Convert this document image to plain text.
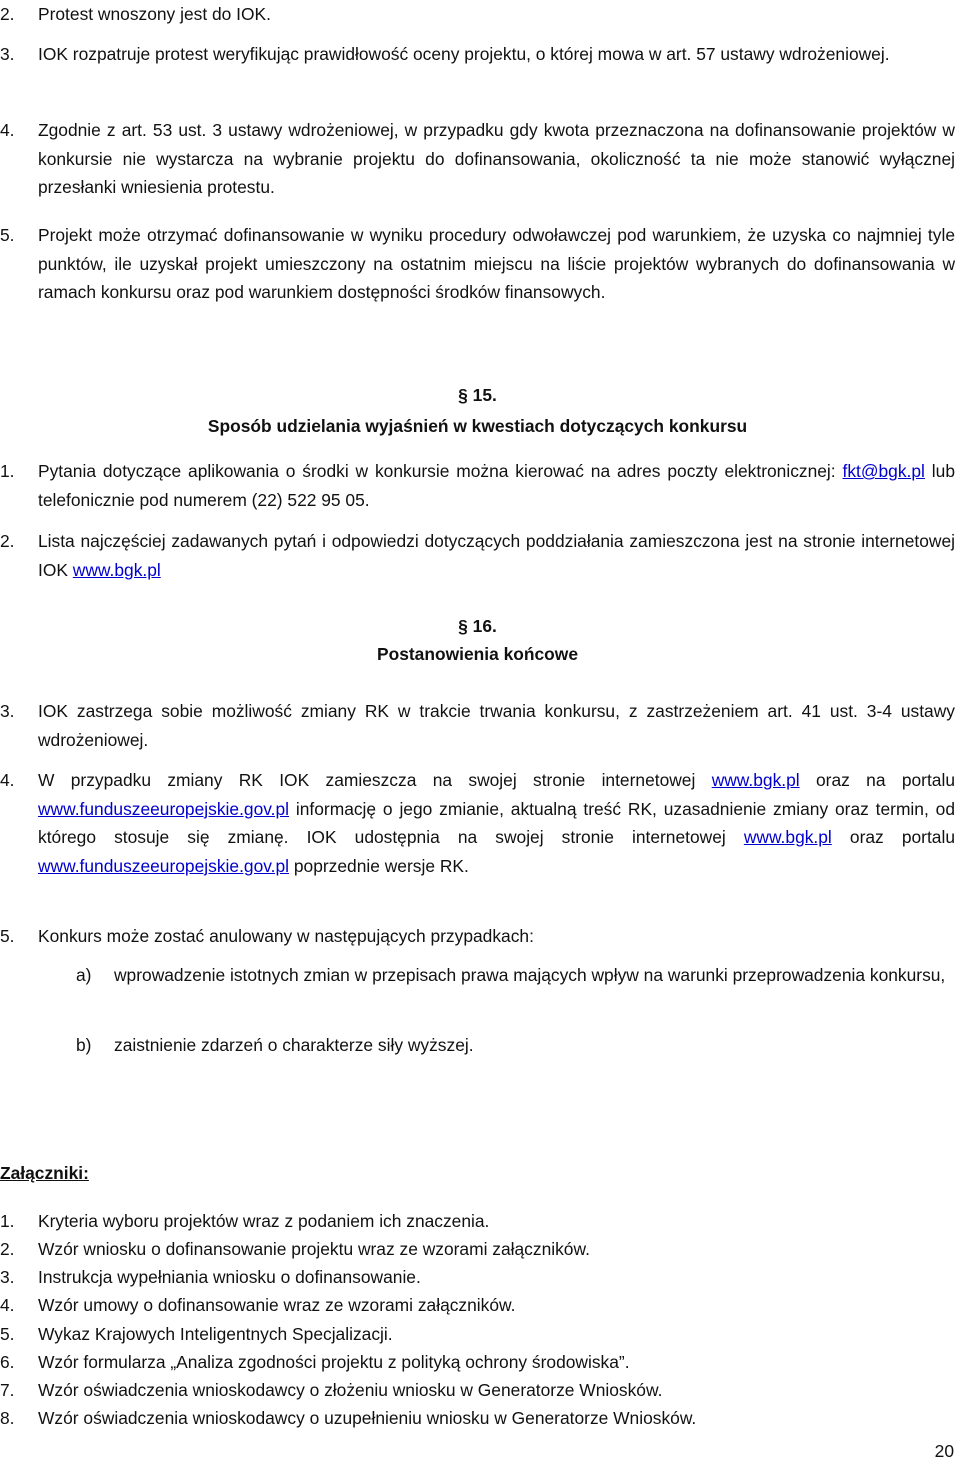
2.	Protest wnoszony jest do IOK.
3.	IOK rozpatruje protest weryfikując prawidłowość oceny projektu, o której mowa w art. 57 ustawy wdrożeniowej.
4.	Zgodnie z art. 53 ust. 3 ustawy wdrożeniowej, w przypadku gdy kwota przeznaczona na dofinansowanie projektów w konkursie nie wystarcza na wybranie projektu do dofinansowania, okoliczność ta nie może stanowić wyłącznej przesłanki wniesienia protestu.
5.	Projekt może otrzymać dofinansowanie w wyniku procedury odwoławczej pod warunkiem, że uzyska co najmniej tyle punktów, ile uzyskał projekt umieszczony na ostatnim miejscu na liście projektów wybranych do dofinansowania w ramach konkursu oraz pod warunkiem dostępności środków finansowych.
§ 15.
Sposób udzielania wyjaśnień w kwestiach dotyczących konkursu
1.	Pytania dotyczące aplikowania o środki w konkursie można kierować na adres poczty elektronicznej: fkt@bgk.pl lub telefonicznie pod numerem (22) 522 95 05.
2.	Lista najczęściej zadawanych pytań i odpowiedzi dotyczących poddziałania zamieszczona jest na stronie internetowej IOK www.bgk.pl
§ 16.
Postanowienia końcowe
3.	IOK zastrzega sobie możliwość zmiany RK w trakcie trwania konkursu, z zastrzeżeniem art. 41 ust. 3-4 ustawy wdrożeniowej.
4.	W przypadku zmiany RK IOK zamieszcza na swojej stronie internetowej www.bgk.pl oraz na portalu www.funduszeeuropejskie.gov.pl informację o jego zmianie, aktualną treść RK, uzasadnienie zmiany oraz termin, od którego stosuje się zmianę. IOK udostępnia na swojej stronie internetowej www.bgk.pl oraz portalu www.funduszeeuropejskie.gov.pl poprzednie wersje RK.
5.	Konkurs może zostać anulowany w następujących przypadkach:
a)	wprowadzenie istotnych zmian w przepisach prawa mających wpływ na warunki przeprowadzenia konkursu,
b)	zaistnienie zdarzeń o charakterze siły wyższej.
Załączniki:
1.	Kryteria wyboru projektów wraz z podaniem ich znaczenia.
2.	Wzór wniosku o dofinansowanie projektu wraz ze wzorami załączników.
3.	Instrukcja wypełniania wniosku o dofinansowanie.
4.	Wzór umowy o dofinansowanie wraz ze wzorami załączników.
5.	Wykaz Krajowych Inteligentnych Specjalizacji.
6.	Wzór formularza „Analiza zgodności projektu z polityką ochrony środowiska”.
7.	Wzór oświadczenia wnioskodawcy o złożeniu wniosku w Generatorze Wniosków.
8.	Wzór oświadczenia wnioskodawcy o uzupełnieniu wniosku w Generatorze Wniosków.
20
